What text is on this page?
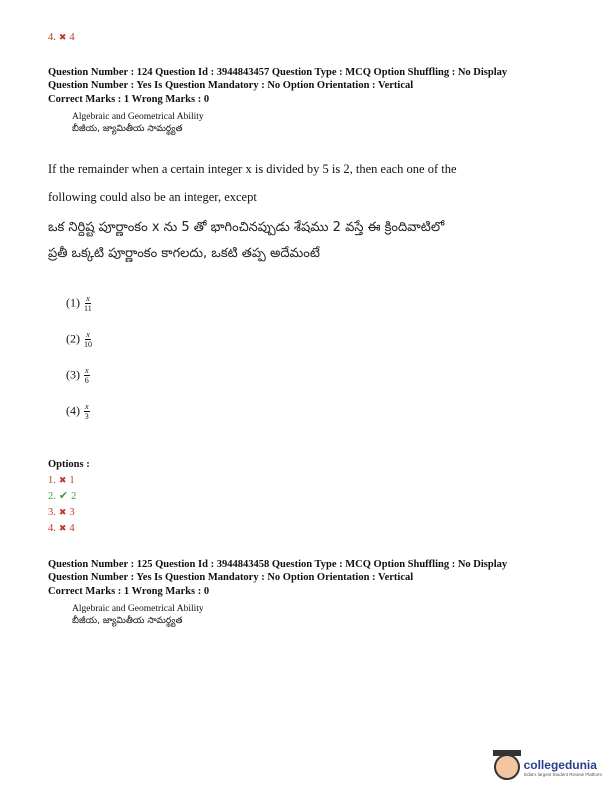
4. ✖ 4
Question Number : 124 Question Id : 3944843457 Question Type : MCQ Option Shuffling : No Display
Question Number : Yes Is Question Mandatory : No Option Orientation : Vertical
Correct Marks : 1 Wrong Marks : 0
Algebraic and Geometrical Ability
బీజీయ, జ్యామితీయ సామర్థ్యత
If the remainder when a certain integer x is divided by 5 is 2, then each one of the
following could also be an integer, except
ఒక నిర్దిష్ట పూర్ణాంకం x ను 5 తో భాగించినప్పుడు శేషము 2 వస్తే ఈ క్రిందివాటిలో
ప్రతీ ఒక్కటి పూర్ణాంకం కాగలదు, ఒకటి తప్ప అదేమంటే
$(1) \frac{x}{11}$
$(2) \frac{x}{10}$
$(3) \frac{x}{6}$
$(4) \frac{x}{3}$
Options :
1. ✖ 1
2. ✔ 2
3. ✖ 3
4. ✖ 4
Question Number : 125 Question Id : 3944843458 Question Type : MCQ Option Shuffling : No Display
Question Number : Yes Is Question Mandatory : No Option Orientation : Vertical
Correct Marks : 1 Wrong Marks : 0
Algebraic and Geometrical Ability
బీజీయ, జ్యామితీయ సామర్థ్యత
collegedunia
India's largest Student Review Platform
